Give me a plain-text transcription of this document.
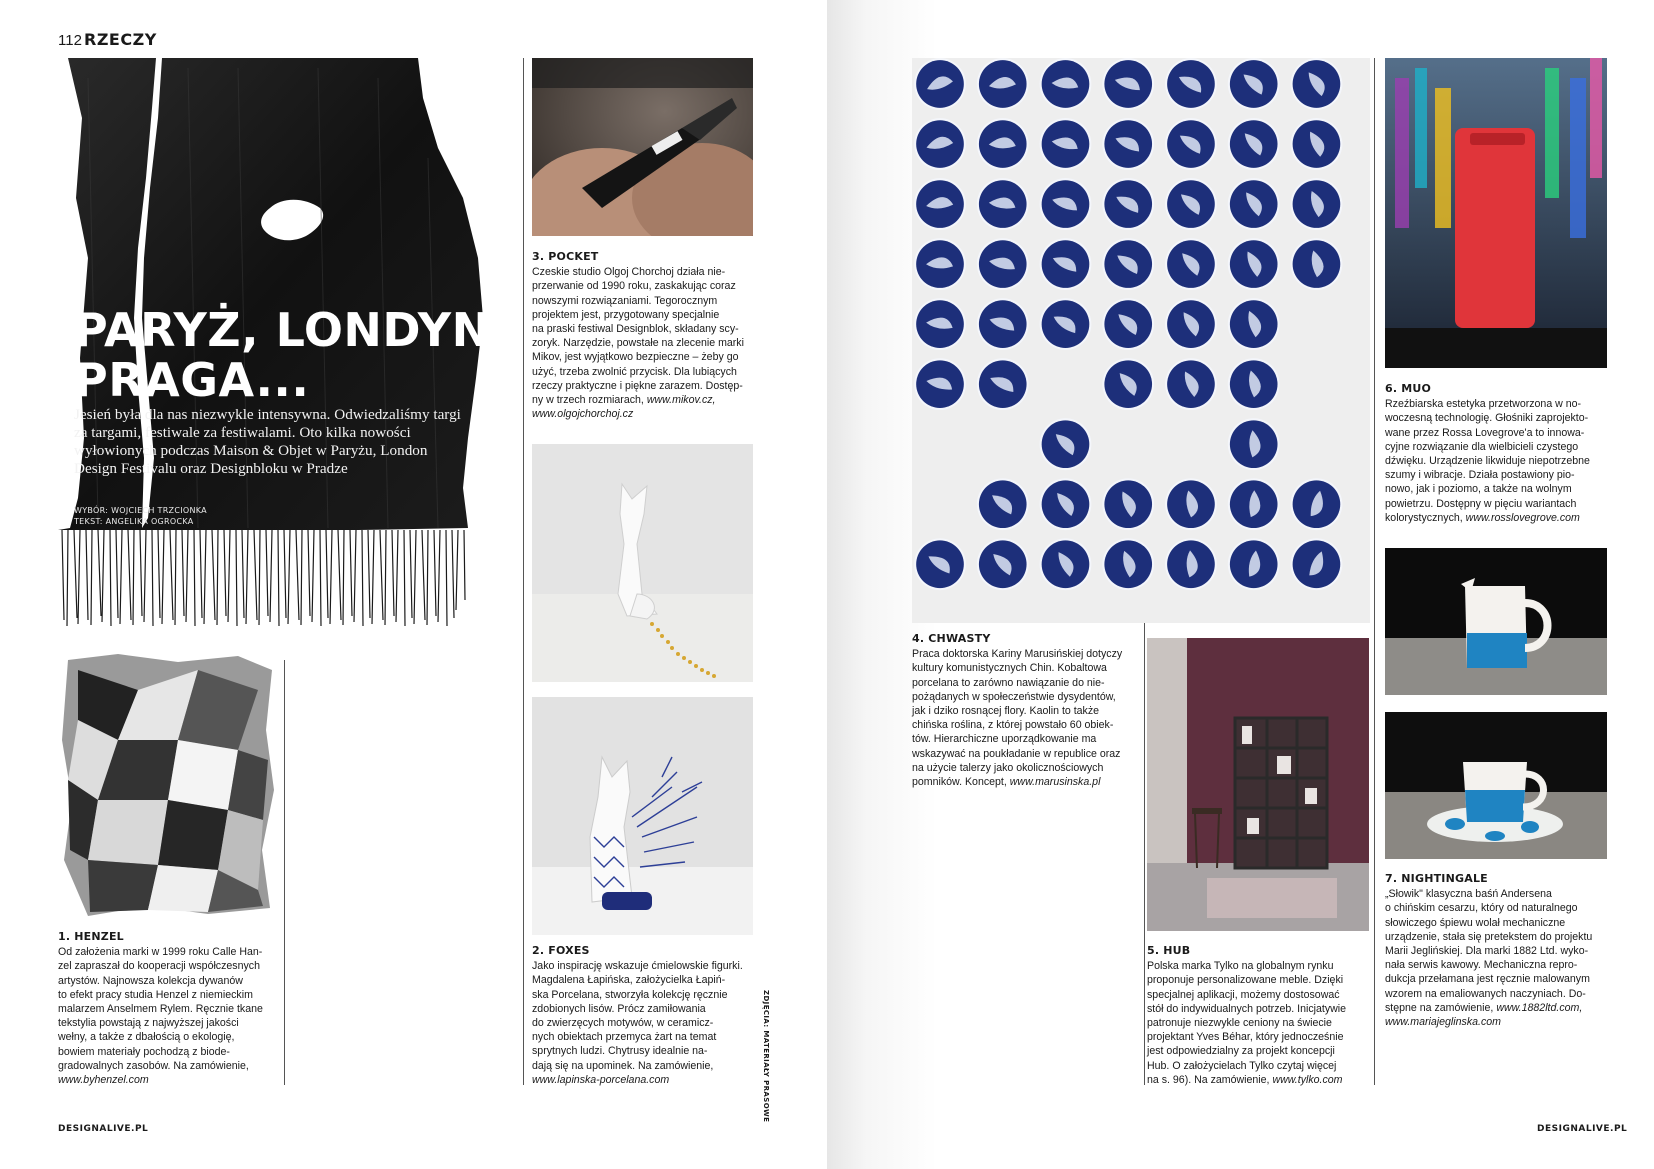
112 RZECZY
PARYŻ, LONDYN,
PRAGA...
Jesień była dla nas niezwykle intensywna. Odwiedzaliśmy targi za targami, festiwale za festiwalami. Oto kilka nowości wyłowionych podczas Maison & Objet w Paryżu, London Design Festivalu oraz Designbloku w Pradze
WYBÓR: WOJCIECH TRZCIONKA
TEKST: ANGELIKA OGROCKA
1. HENZEL
Od założenia marki w 1999 roku Calle Han-
zel zapraszał do kooperacji współczesnych
artystów. Najnowsza kolekcja dywanów
to efekt pracy studia Henzel z niemieckim
malarzem Anselmem Rylem. Ręcznie tkane
tekstylia powstają z najwyższej jakości
wełny, a także z dbałością o ekologię,
bowiem materiały pochodzą z biode-
gradowalnych zasobów. Na zamówienie,
www.byhenzel.com
3. POCKET
Czeskie studio Olgoj Chorchoj działa nie-
przerwanie od 1990 roku, zaskakując coraz
nowszymi rozwiązaniami. Tegorocznym
projektem jest, przygotowany specjalnie
na praski festiwal Designblok, składany scy-
zoryk. Narzędzie, powstałe na zlecenie marki
Mikov, jest wyjątkowo bezpieczne – żeby go
użyć, trzeba zwolnić przycisk. Dla lubiących
rzeczy praktyczne i piękne zarazem. Dostęp-
ny w trzech rozmiarach, www.mikov.cz,
www.olgojchorchoj.cz
2. FOXES
Jako inspirację wskazuje ćmielowskie figurki.
Magdalena Łapińska, założycielka Łapiń-
ska Porcelana, stworzyła kolekcję ręcznie
zdobionych lisów. Prócz zamiłowania
do zwierzęcych motywów, w ceramicz-
nych obiektach przemyca żart na temat
sprytnych ludzi. Chytrusy idealnie na-
dają się na upominek. Na zamówienie,
www.lapinska-porcelana.com
4. CHWASTY
Praca doktorska Kariny Marusińskiej dotyczy
kultury komunistycznych Chin. Kobaltowa
porcelana to zarówno nawiązanie do nie-
pożądanych w społeczeństwie dysydentów,
jak i dziko rosnącej flory. Kaolin to także
chińska roślina, z której powstało 60 obiek-
tów. Hierarchiczne uporządkowanie ma
wskazywać na poukładanie w republice oraz
na użycie talerzy jako okolicznościowych
pomników. Koncept, www.marusinska.pl
5. HUB
Polska marka Tylko na globalnym rynku
proponuje personalizowane meble. Dzięki
specjalnej aplikacji, możemy dostosować
stół do indywidualnych potrzeb. Inicjatywie
patronuje niezwykle ceniony na świecie
projektant Yves Béhar, który jednocześnie
jest odpowiedzialny za projekt koncepcji
Hub. O założycielach Tylko czytaj więcej
na s. 96). Na zamówienie, www.tylko.com
6. MUO
Rzeźbiarska estetyka przetworzona w no-
woczesną technologię. Głośniki zaprojekto-
wane przez Rossa Lovegrove'a to innowa-
cyjne rozwiązanie dla wielbicieli czystego
dźwięku. Urządzenie likwiduje niepotrzebne
szumy i wibracje. Działa postawiony pio-
nowo, jak i poziomo, a także na wolnym
powietrzu. Dostępny w pięciu wariantach
kolorystycznych, www.rosslovegrove.com
7. NIGHTINGALE
„Słowik" klasyczna baśń Andersena
o chińskim cesarzu, który od naturalnego
słowiczego śpiewu wolał mechaniczne
urządzenie, stała się pretekstem do projektu
Marii Jeglińskiej. Dla marki 1882 Ltd. wyko-
nała serwis kawowy. Mechaniczna repro-
dukcja przełamana jest ręcznie malowanym
wzorem na emaliowanych naczyniach. Do-
stępne na zamówienie, www.1882ltd.com,
www.mariajeglinska.com
ZDJĘCIA: MATERIAŁY PRASOWE
DESIGNALIVE.PL	DESIGNALIVE.PL
